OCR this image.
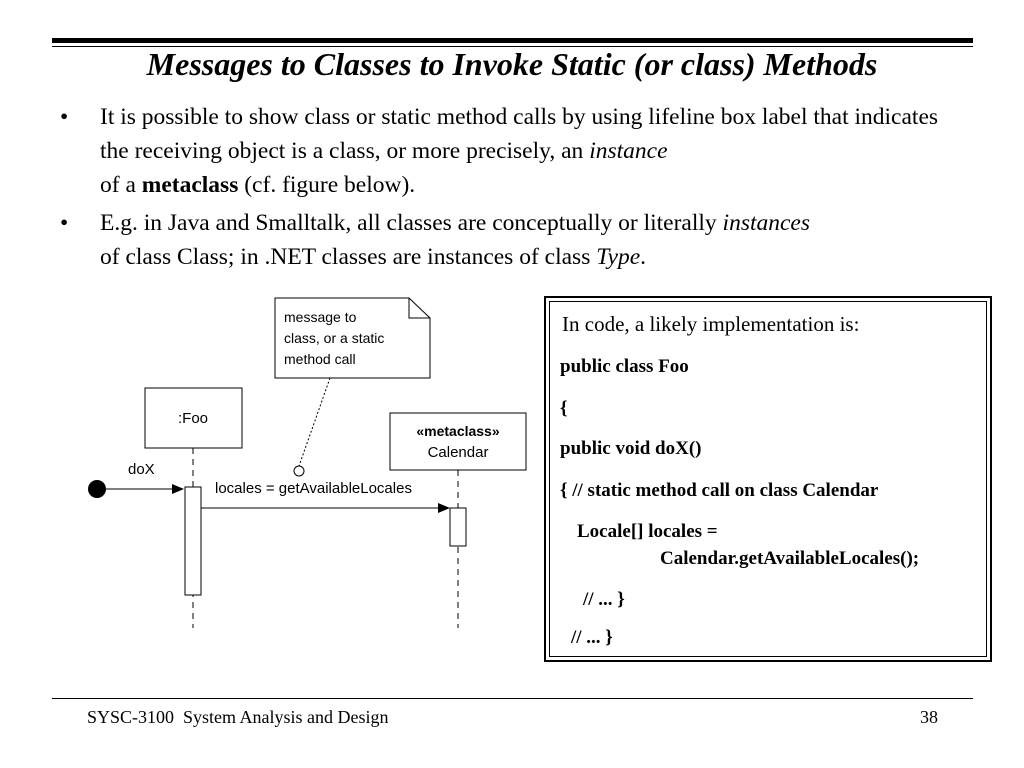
Messages to Classes to Invoke Static (or class) Methods
• It is possible to show class or static method calls by using lifeline box label that indicates the receiving object is a class, or more precisely, an instance
of a metaclass (cf. figure below).
• E.g. in Java and Smalltalk, all classes are conceptually or literally instances
of class Class; in .NET classes are instances of class Type.
message to
class, or a static
method call
:Foo
«metaclass»
Calendar
doX
locales = getAvailableLocales
In code, a likely implementation is:
public class Foo
{
public void doX()
{ // static method call on class Calendar
Locale[] locales =
Calendar.getAvailableLocales();
// ... }
// ... }
SYSC-3100  System Analysis and Design	38
